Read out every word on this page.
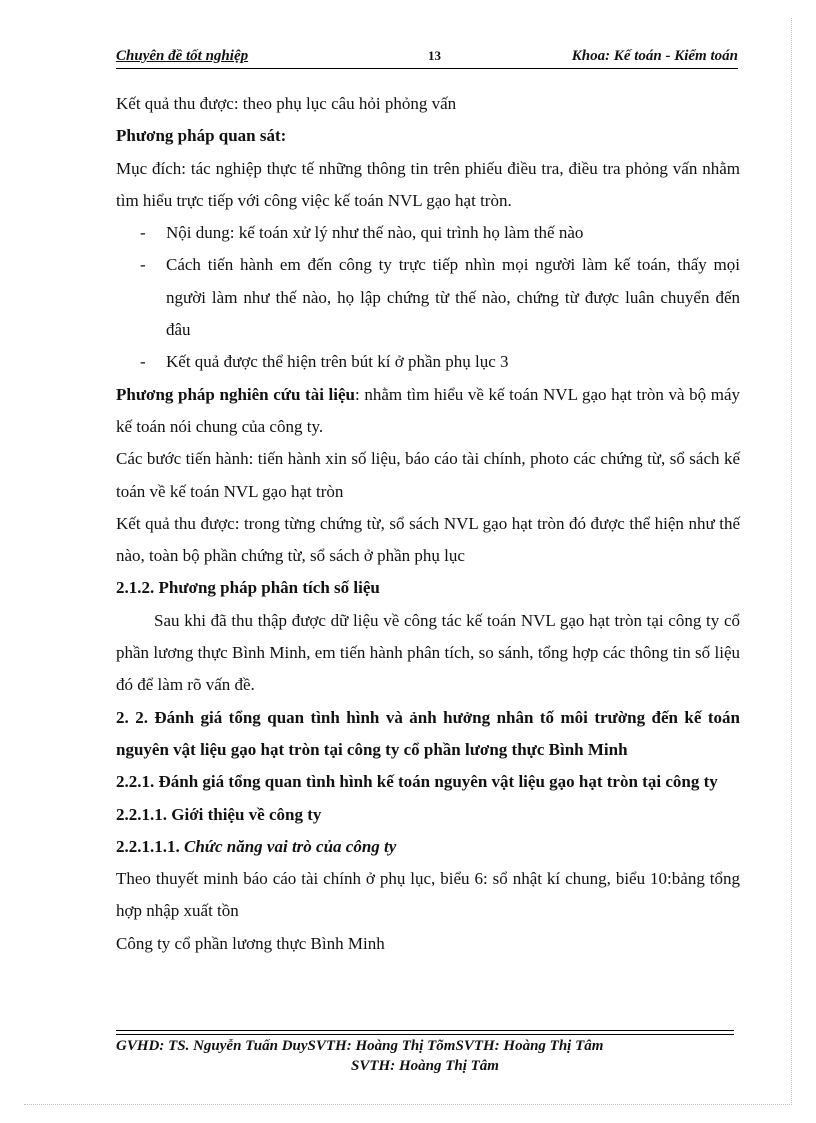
Chuyên đề tốt nghiệp	13	Khoa: Kế toán - Kiểm toán

Kết quả thu được: theo phụ lục câu hỏi phỏng vấn

Phương pháp quan sát:

Mục đích: tác nghiệp thực tế những thông tin trên phiếu điều tra, điều tra phỏng vấn nhằm tìm hiểu trực tiếp với công việc kế toán NVL gạo hạt tròn.

- Nội dung: kế toán xử lý như thế nào, qui trình họ làm thế nào

- Cách tiến hành em đến công ty trực tiếp nhìn mọi người làm kế toán, thấy mọi người làm như thế nào, họ lập chứng từ thế nào, chứng từ được luân chuyển đến đâu

- Kết quả được thể hiện trên bút kí ở phần phụ lục 3

Phương pháp nghiên cứu tài liệu: nhằm tìm hiểu về kế toán NVL gạo hạt tròn và bộ máy kế toán nói chung của công ty.

Các bước tiến hành: tiến hành xin số liệu, báo cáo tài chính, photo các chứng từ, sổ sách kế toán về kế toán NVL gạo hạt tròn

Kết quả thu được: trong từng chứng từ, sổ sách NVL gạo hạt tròn đó được thể hiện như thế nào, toàn bộ phần chứng từ, sổ sách ở phần phụ lục

2.1.2. Phương pháp phân tích số liệu

Sau khi đã thu thập được dữ liệu về công tác kế toán NVL gạo hạt tròn tại công ty cổ phần lương thực Bình Minh, em tiến hành phân tích, so sánh, tổng hợp các thông tin số liệu đó để làm rõ vấn đề.

2. 2. Đánh giá tổng quan tình hình và ảnh hưởng nhân tố môi trường đến kế toán nguyên vật liệu gạo hạt tròn tại công ty cổ phần lương thực Bình Minh

2.2.1. Đánh giá tổng quan tình hình kế toán nguyên vật liệu gạo hạt tròn tại công ty

2.2.1.1. Giới thiệu về công ty

2.2.1.1.1. Chức năng vai trò của công ty

Theo thuyết minh báo cáo tài chính ở phụ lục, biểu 6: sổ nhật kí chung, biểu 10:bảng tổng hợp nhập xuất tồn

Công ty cổ phần lương thực Bình Minh

GVHD: TS. Nguyễn Tuấn DuySVTH: Hoàng Thị TõmSVTH: Hoàng Thị Tâm
SVTH: Hoàng Thị Tâm
